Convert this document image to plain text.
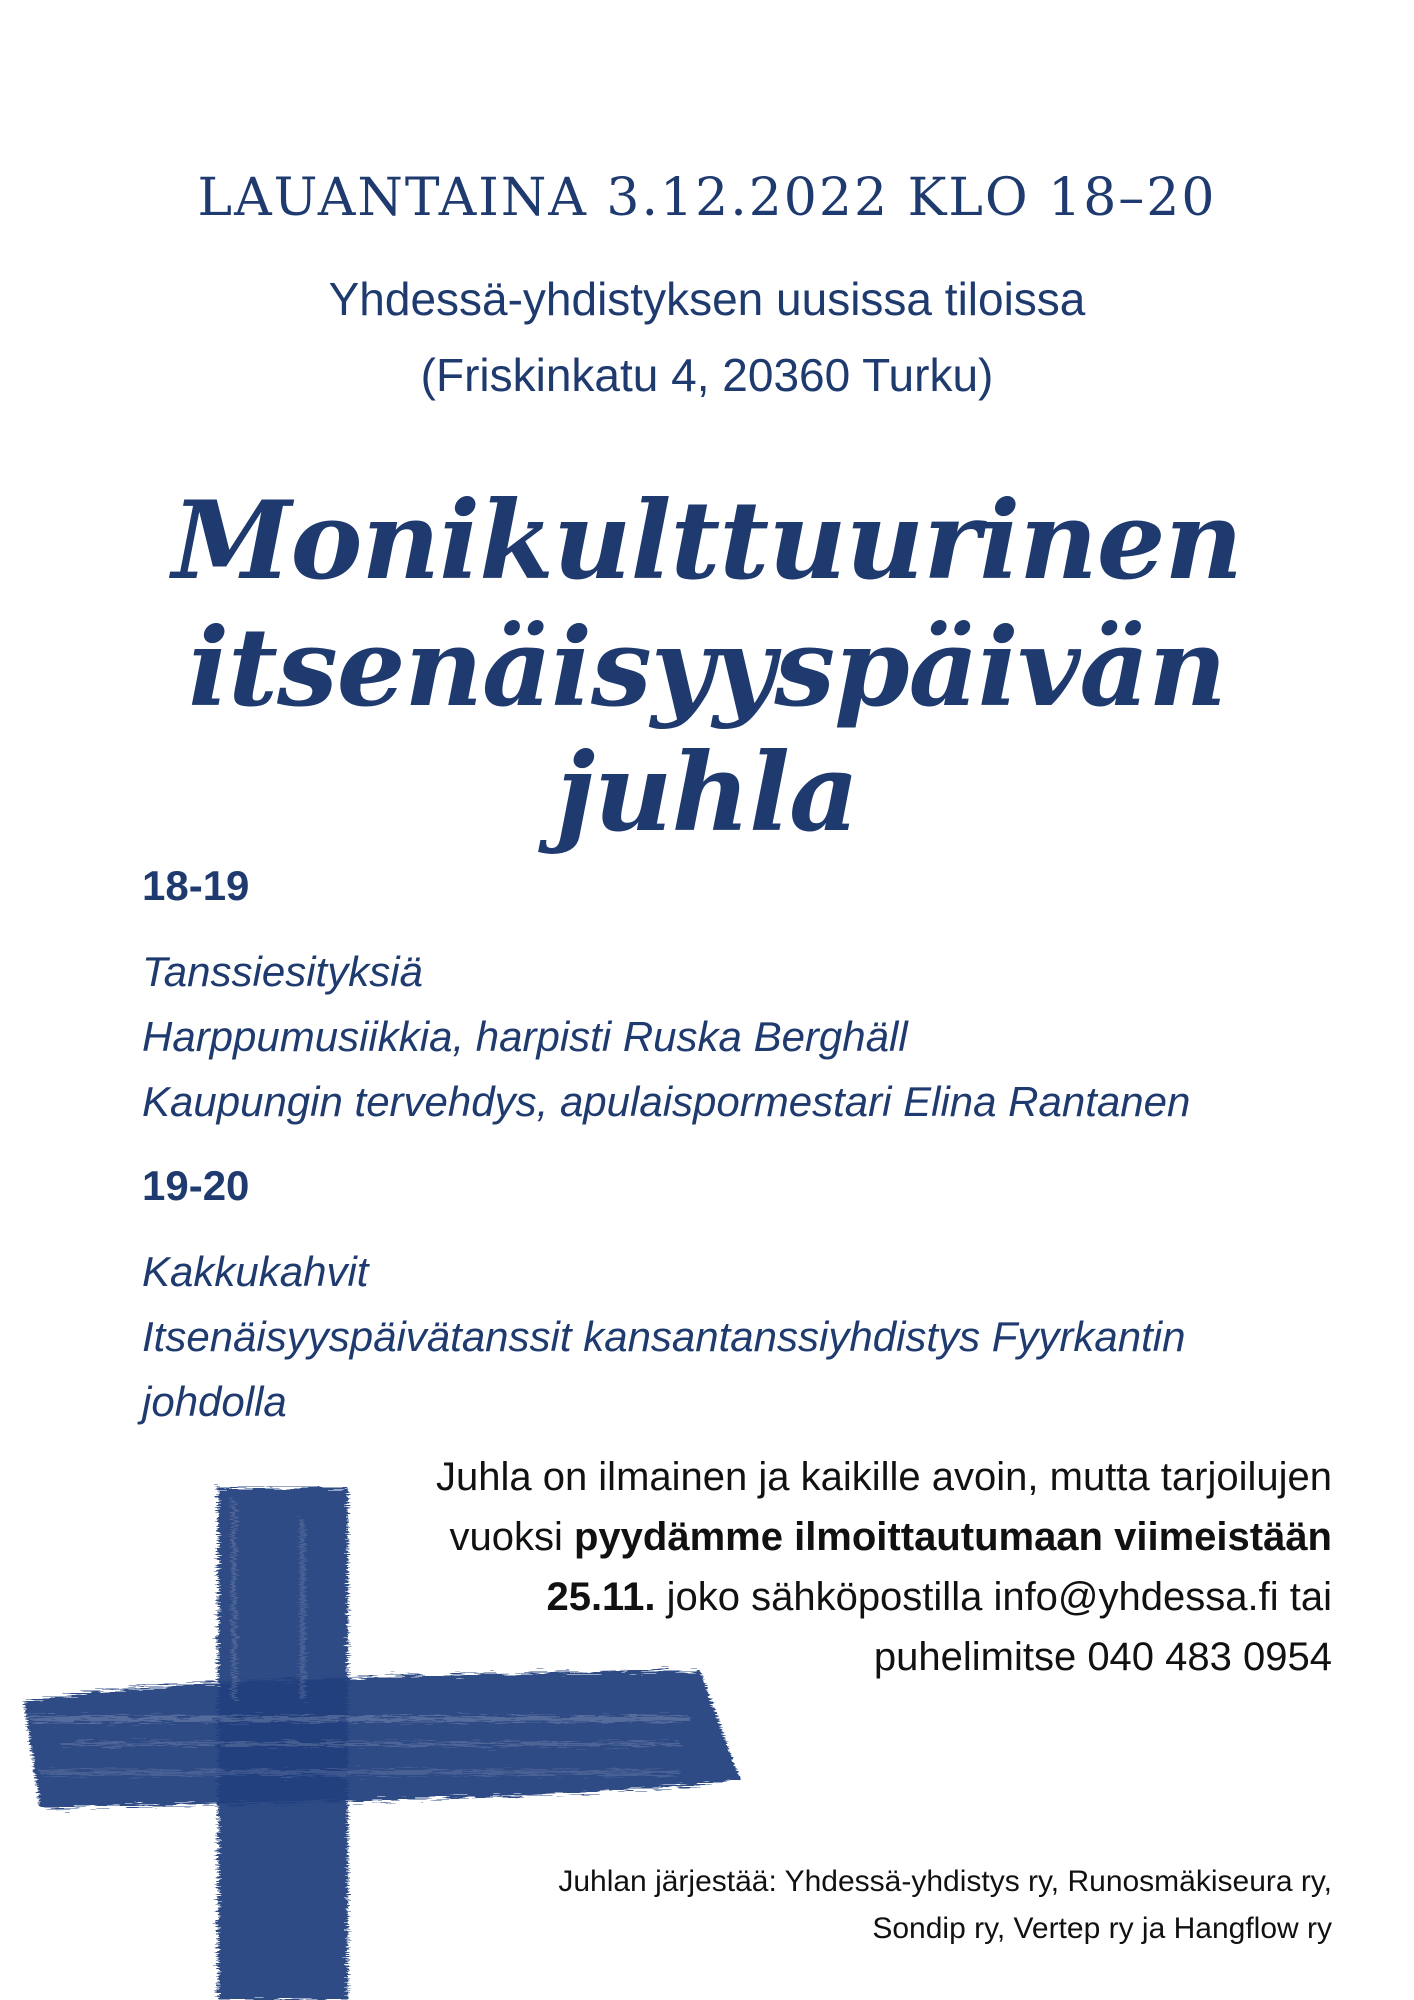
LAUANTAINA 3.12.2022 KLO 18–20
Yhdessä-yhdistyksen uusissa tiloissa
(Friskinkatu 4, 20360 Turku)
Monikulttuurinen
itsenäisyyspäivän
juhla
18-19
Tanssiesityksiä
Harppumusiikkia, harpisti Ruska Berghäll
Kaupungin tervehdys, apulaispormestari Elina Rantanen
19-20
Kakkukahvit
Itsenäisyyspäivätanssit kansantanssiyhdistys Fyyrkantin
johdolla
Juhla on ilmainen ja kaikille avoin, mutta tarjoilujen
vuoksi pyydämme ilmoittautumaan viimeistään
25.11. joko sähköpostilla info@yhdessa.fi tai
puhelimitse 040 483 0954
Juhlan järjestää: Yhdessä-yhdistys ry, Runosmäkiseura ry,
Sondip ry, Vertep ry ja Hangflow ry
